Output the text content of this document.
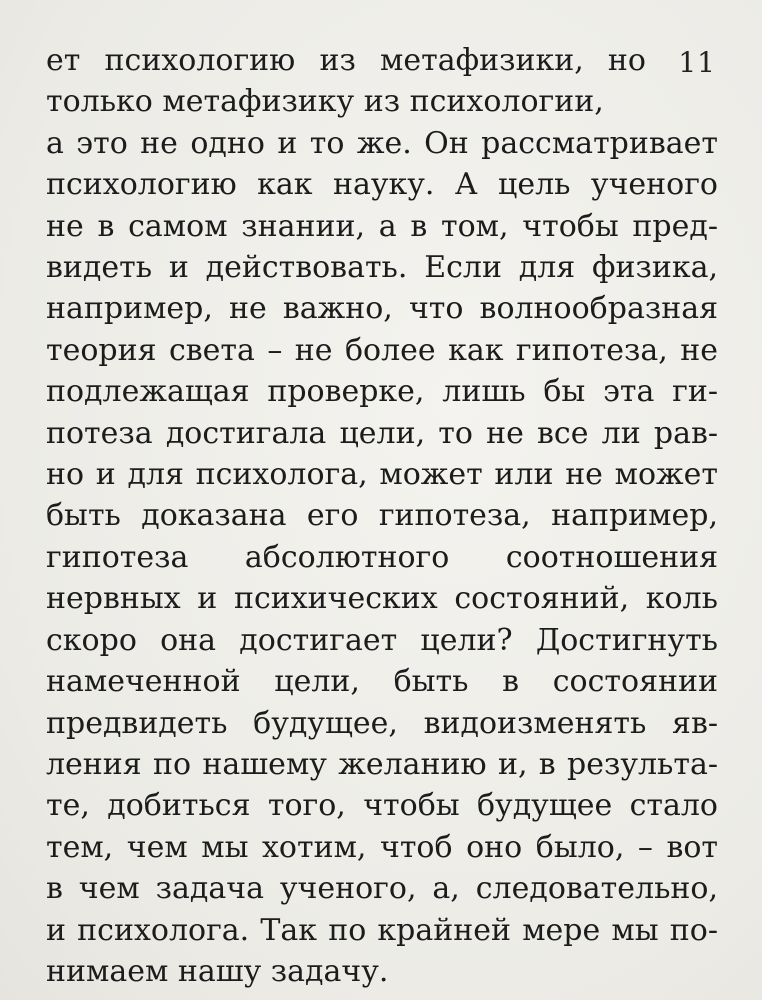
11
ет психологию из метафизики, но
только метафизику из психологии,
а это не одно и то же. Он рассматривает
психологию как науку. А цель ученого
не в самом знании, а в том, чтобы пред-
видеть и действовать. Если для физика,
например, не важно, что волнообразная
теория света – не более как гипотеза, не
подлежащая проверке, лишь бы эта ги-
потеза достигала цели, то не все ли рав-
но и для психолога, может или не может
быть доказана его гипотеза, например,
гипотеза абсолютного соотношения
нервных и психических состояний, коль
скоро она достигает цели? Достигнуть
намеченной цели, быть в состоянии
предвидеть будущее, видоизменять яв-
ления по нашему желанию и, в результа-
те, добиться того, чтобы будущее стало
тем, чем мы хотим, чтоб оно было, – вот
в чем задача ученого, а, следовательно,
и психолога. Так по крайней мере мы по-
нимаем нашу задачу.
